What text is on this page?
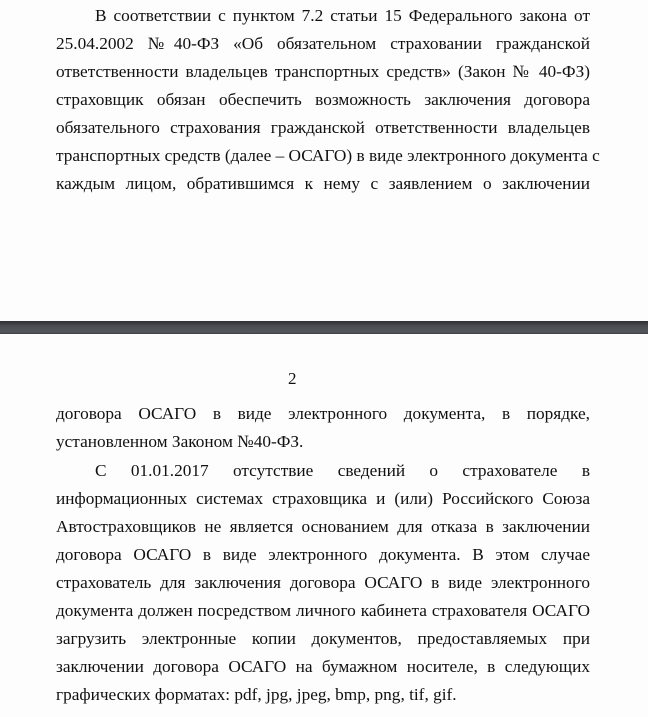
В соответствии с пунктом 7.2 статьи 15 Федерального закона от
25.04.2002 №40-ФЗ «Об обязательном страховании гражданской
ответственности владельцев транспортных средств» (Закон № 40-ФЗ)
страховщик обязан обеспечить возможность заключения договора
обязательного страхования гражданской ответственности владельцев
транспортных средств (далее – ОСАГО) в виде электронного документа с
каждым лицом, обратившимся к нему с заявлением о заключении
2
договора ОСАГО в виде электронного документа, в порядке,
установленном Законом №40-ФЗ.
С 01.01.2017 отсутствие сведений о страхователе в
информационных системах страховщика и (или) Российского Союза
Автостраховщиков не является основанием для отказа в заключении
договора ОСАГО в виде электронного документа. В этом случае
страхователь для заключения договора ОСАГО в виде электронного
документа должен посредством личного кабинета страхователя ОСАГО
загрузить электронные копии документов, предоставляемых при
заключении договора ОСАГО на бумажном носителе, в следующих
графических форматах: pdf, jpg, jpeg, bmp, png, tif, gif.
